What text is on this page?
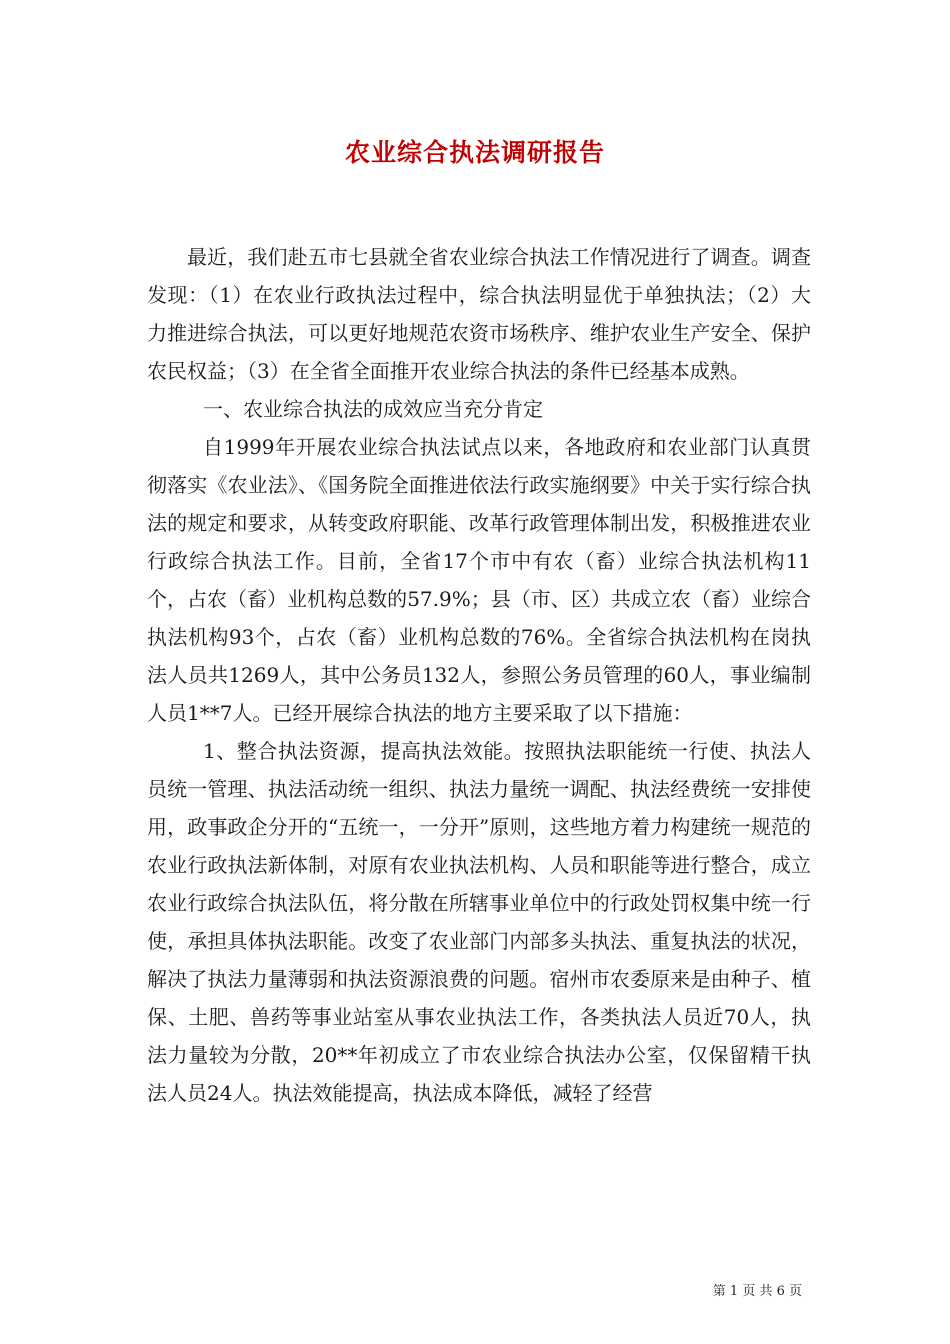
农业综合执法调研报告

最近，我们赴五市七县就全省农业综合执法工作情况进行了调查。调查发现：（1）在农业行政执法过程中，综合执法明显优于单独执法；（2）大力推进综合执法，可以更好地规范农资市场秩序、维护农业生产安全、保护农民权益；（3）在全省全面推开农业综合执法的条件已经基本成熟。

一、农业综合执法的成效应当充分肯定

自1999年开展农业综合执法试点以来，各地政府和农业部门认真贯彻落实《农业法》、《国务院全面推进依法行政实施纲要》中关于实行综合执法的规定和要求，从转变政府职能、改革行政管理体制出发，积极推进农业行政综合执法工作。目前，全省17个市中有农（畜）业综合执法机构11个，占农（畜）业机构总数的57.9%；县（市、区）共成立农（畜）业综合执法机构93个，占农（畜）业机构总数的76%。全省综合执法机构在岗执法人员共1269人，其中公务员132人，参照公务员管理的60人，事业编制人员1**7人。已经开展综合执法的地方主要采取了以下措施：

1、整合执法资源，提高执法效能。按照执法职能统一行使、执法人员统一管理、执法活动统一组织、执法力量统一调配、执法经费统一安排使用，政事政企分开的“五统一，一分开”原则，这些地方着力构建统一规范的农业行政执法新体制，对原有农业执法机构、人员和职能等进行整合，成立农业行政综合执法队伍，将分散在所辖事业单位中的行政处罚权集中统一行使，承担具体执法职能。改变了农业部门内部多头执法、重复执法的状况，解决了执法力量薄弱和执法资源浪费的问题。宿州市农委原来是由种子、植保、土肥、兽药等事业站室从事农业执法工作，各类执法人员近70人，执法力量较为分散，20**年初成立了市农业综合执法办公室，仅保留精干执法人员24人。执法效能提高，执法成本降低，减轻了经营

第 1 页 共 6 页
